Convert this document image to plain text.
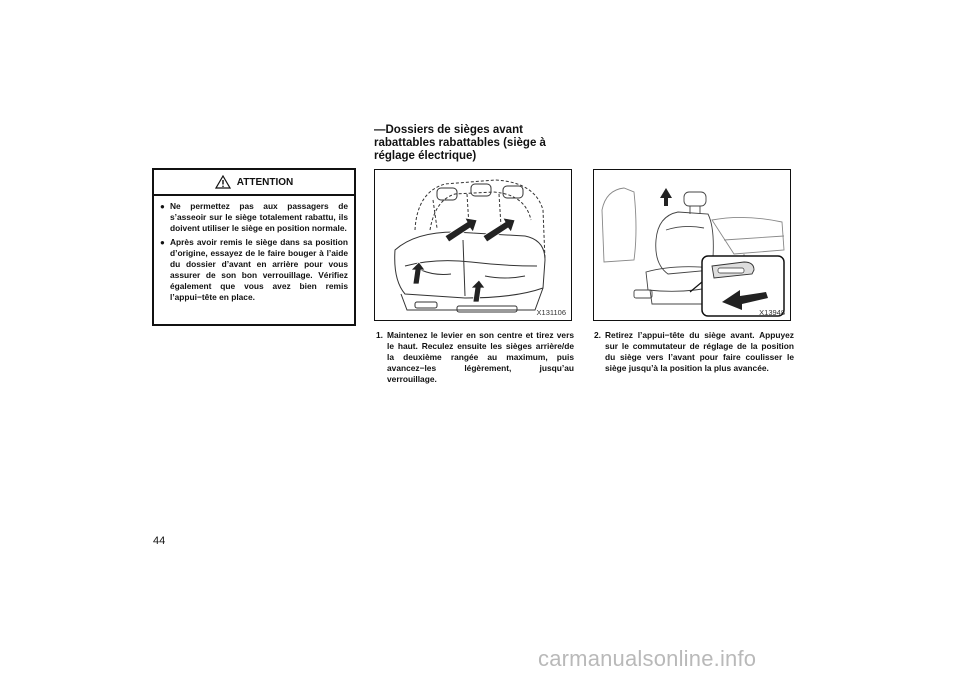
ATTENTION
● Ne permettez pas aux passagers de s’asseoir sur le siège totalement rabattu, ils doivent utiliser le siège en position normale.
● Après avoir remis le siège dans sa position d’origine, essayez de le faire bouger à l’aide du dossier d’avant en arrière pour vous assurer de son bon verrouillage. Vérifiez également que vous avez bien remis l’appui−tête en place.
—Dossiers de sièges avant rabattables rabattables (siège à réglage électrique)
X131106	X13948
1. Maintenez le levier en son centre et tirez vers le haut. Reculez ensuite les sièges arrière/de la deuxième rangée au maximum, puis avancez−les légèrement, jusqu’au verrouillage.
2. Retirez l’appui−tête du siège avant. Appuyez sur le commutateur de réglage de la position du siège vers l’avant pour faire coulisser le siège jusqu’à la position la plus avancée.
44
carmanualsonline.info
